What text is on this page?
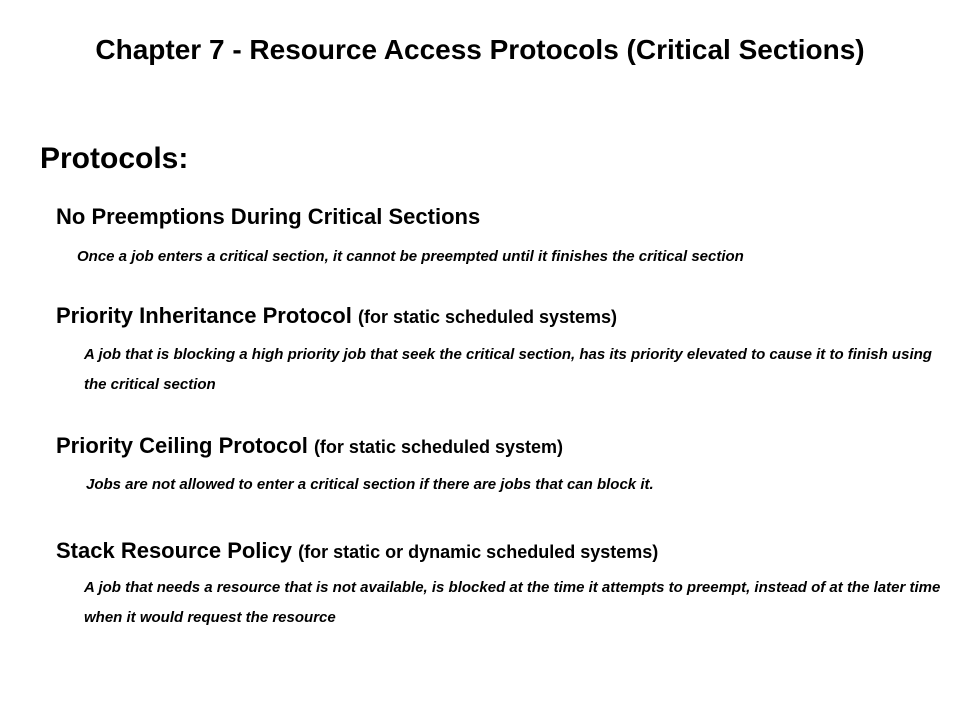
Chapter 7 - Resource Access Protocols (Critical Sections)
Protocols:
No Preemptions During Critical Sections
Once a job enters a critical section, it cannot be preempted until it finishes the critical section
Priority Inheritance Protocol (for static scheduled systems)
A job that is blocking a high priority job that seek the critical section, has its priority elevated to cause it to finish using the critical section
Priority Ceiling Protocol (for static scheduled system)
Jobs are not allowed to enter a critical section if there are jobs that can block it.
Stack Resource Policy (for static or dynamic scheduled systems)
A job that needs a resource that is not available, is blocked at the time it attempts to preempt, instead of at the later time when it would request the resource
